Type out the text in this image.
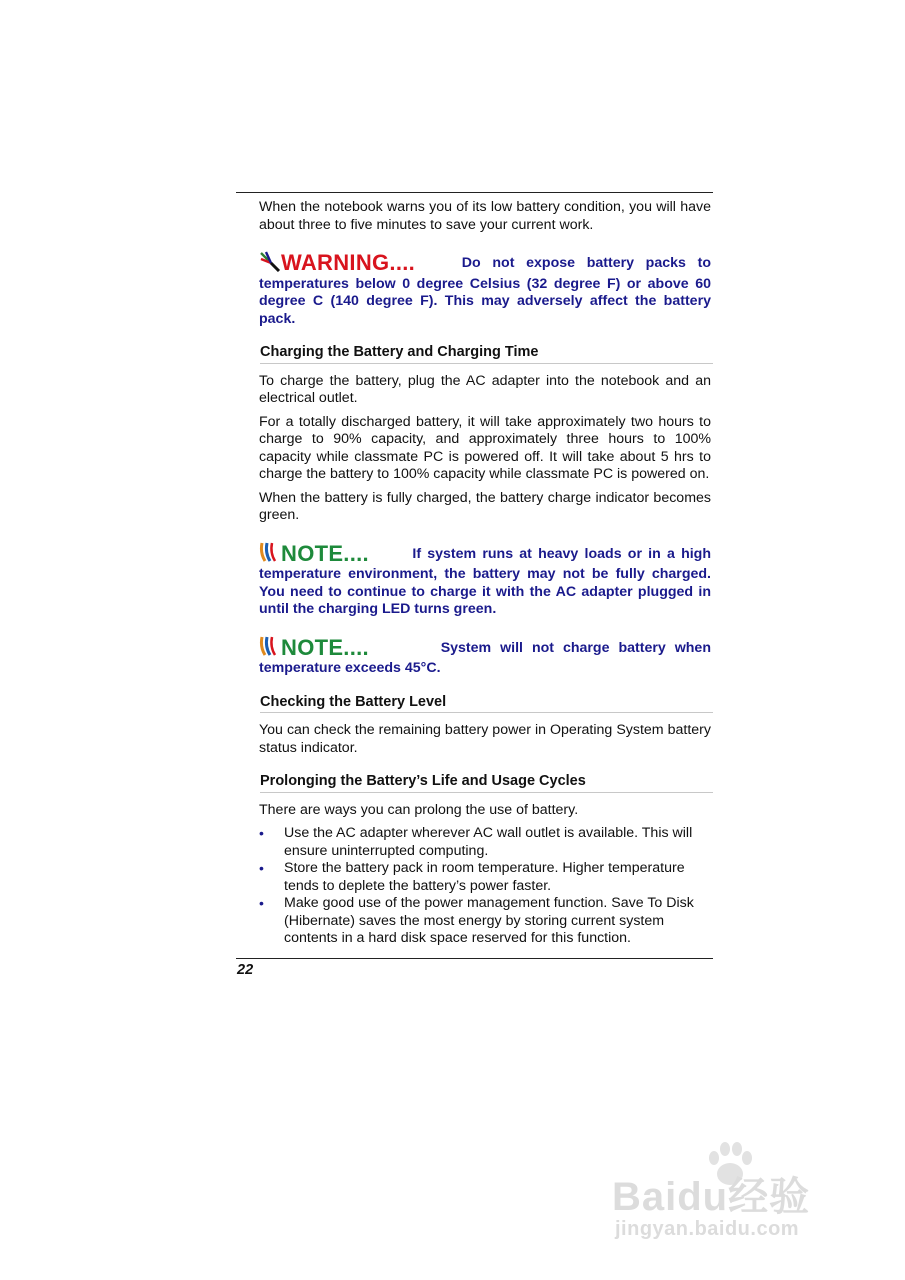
When the notebook warns you of its low battery condition, you will have about three to five minutes to save your current work.

WARNING....	Do not expose battery packs to temperatures below 0 degree Celsius (32 degree F) or above 60 degree C (140 degree F). This may adversely affect the battery pack.
Charging the Battery and Charging Time

To charge the battery, plug the AC adapter into the notebook and an electrical outlet.

For a totally discharged battery, it will take approximately two hours to charge to 90% capacity, and approximately three hours to 100% capacity while classmate PC is powered off. It will take about 5 hrs to charge the battery to 100% capacity while classmate PC is powered on.

When the battery is fully charged, the battery charge indicator becomes green.

NOTE....	If system runs at heavy loads or in a high temperature environment, the battery may not be fully charged. You need to continue to charge it with the AC adapter plugged in until the charging LED turns green.
NOTE....	System will not charge battery when temperature exceeds 45°C.
Checking the Battery Level

You can check the remaining battery power in Operating System battery status indicator.

Prolonging the Battery’s Life and Usage Cycles

There are ways you can prolong the use of battery.

• Use the AC adapter wherever AC wall outlet is available. This will ensure uninterrupted computing.
• Store the battery pack in room temperature. Higher temperature tends to deplete the battery’s power faster.
• Make good use of the power management function. Save To Disk (Hibernate) saves the most energy by storing current system contents in a hard disk space reserved for this function.
22
Baidu经验
jingyan.baidu.com
